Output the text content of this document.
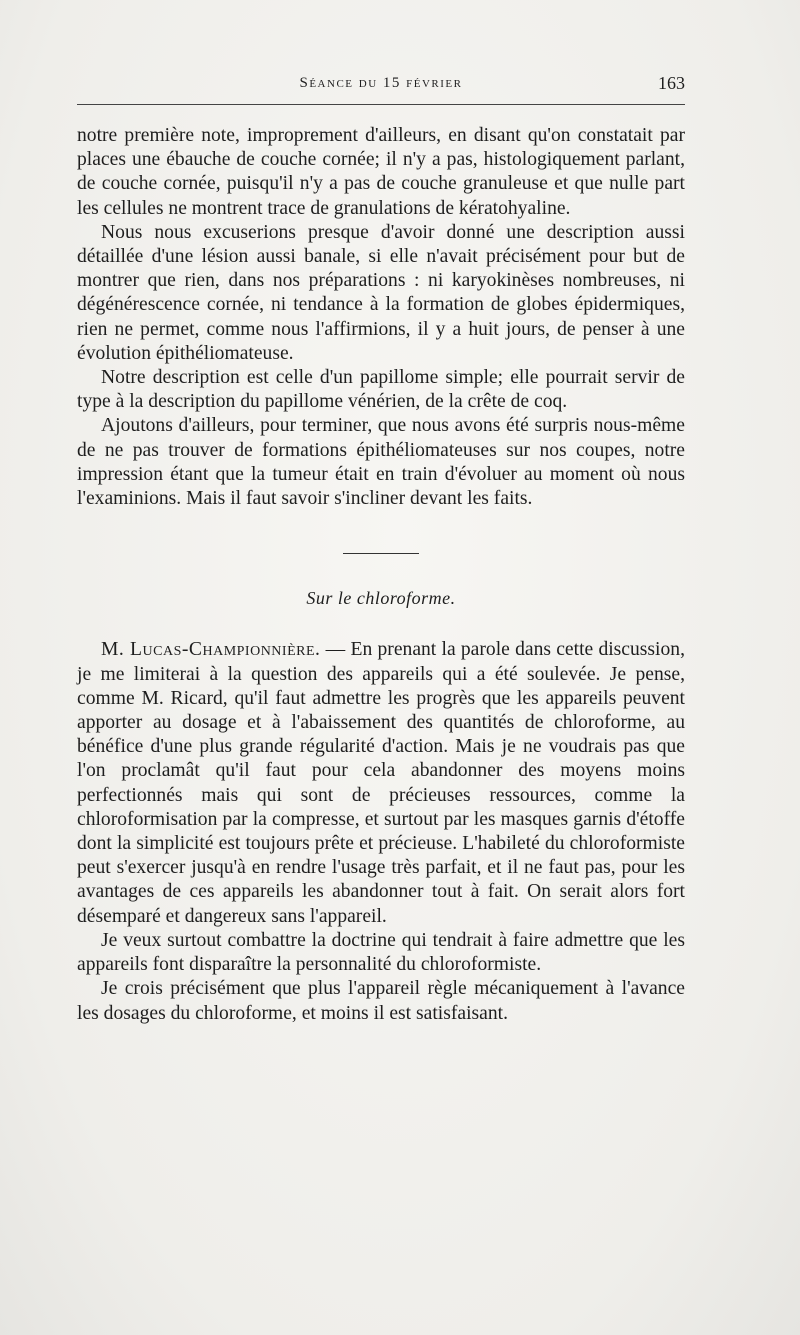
Séance du 15 février	163

notre première note, improprement d'ailleurs, en disant qu'on constatait par places une ébauche de couche cornée; il n'y a pas, histologiquement parlant, de couche cornée, puisqu'il n'y a pas de couche granuleuse et que nulle part les cellules ne montrent trace de granulations de kératohyaline.

Nous nous excuserions presque d'avoir donné une description aussi détaillée d'une lésion aussi banale, si elle n'avait précisément pour but de montrer que rien, dans nos préparations : ni karyokinèses nombreuses, ni dégénérescence cornée, ni tendance à la formation de globes épidermiques, rien ne permet, comme nous l'affirmions, il y a huit jours, de penser à une évolution épithéliomateuse.

Notre description est celle d'un papillome simple; elle pourrait servir de type à la description du papillome vénérien, de la crête de coq.

Ajoutons d'ailleurs, pour terminer, que nous avons été surpris nous-même de ne pas trouver de formations épithéliomateuses sur nos coupes, notre impression étant que la tumeur était en train d'évoluer au moment où nous l'examinions. Mais il faut savoir s'incliner devant les faits.

Sur le chloroforme.

M. Lucas-Championnière. — En prenant la parole dans cette discussion, je me limiterai à la question des appareils qui a été soulevée. Je pense, comme M. Ricard, qu'il faut admettre les progrès que les appareils peuvent apporter au dosage et à l'abaissement des quantités de chloroforme, au bénéfice d'une plus grande régularité d'action. Mais je ne voudrais pas que l'on proclamât qu'il faut pour cela abandonner des moyens moins perfectionnés mais qui sont de précieuses ressources, comme la chloroformisation par la compresse, et surtout par les masques garnis d'étoffe dont la simplicité est toujours prête et précieuse. L'habileté du chloroformiste peut s'exercer jusqu'à en rendre l'usage très parfait, et il ne faut pas, pour les avantages de ces appareils les abandonner tout à fait. On serait alors fort désemparé et dangereux sans l'appareil.

Je veux surtout combattre la doctrine qui tendrait à faire admettre que les appareils font disparaître la personnalité du chloroformiste.

Je crois précisément que plus l'appareil règle mécaniquement à l'avance les dosages du chloroforme, et moins il est satisfaisant.
